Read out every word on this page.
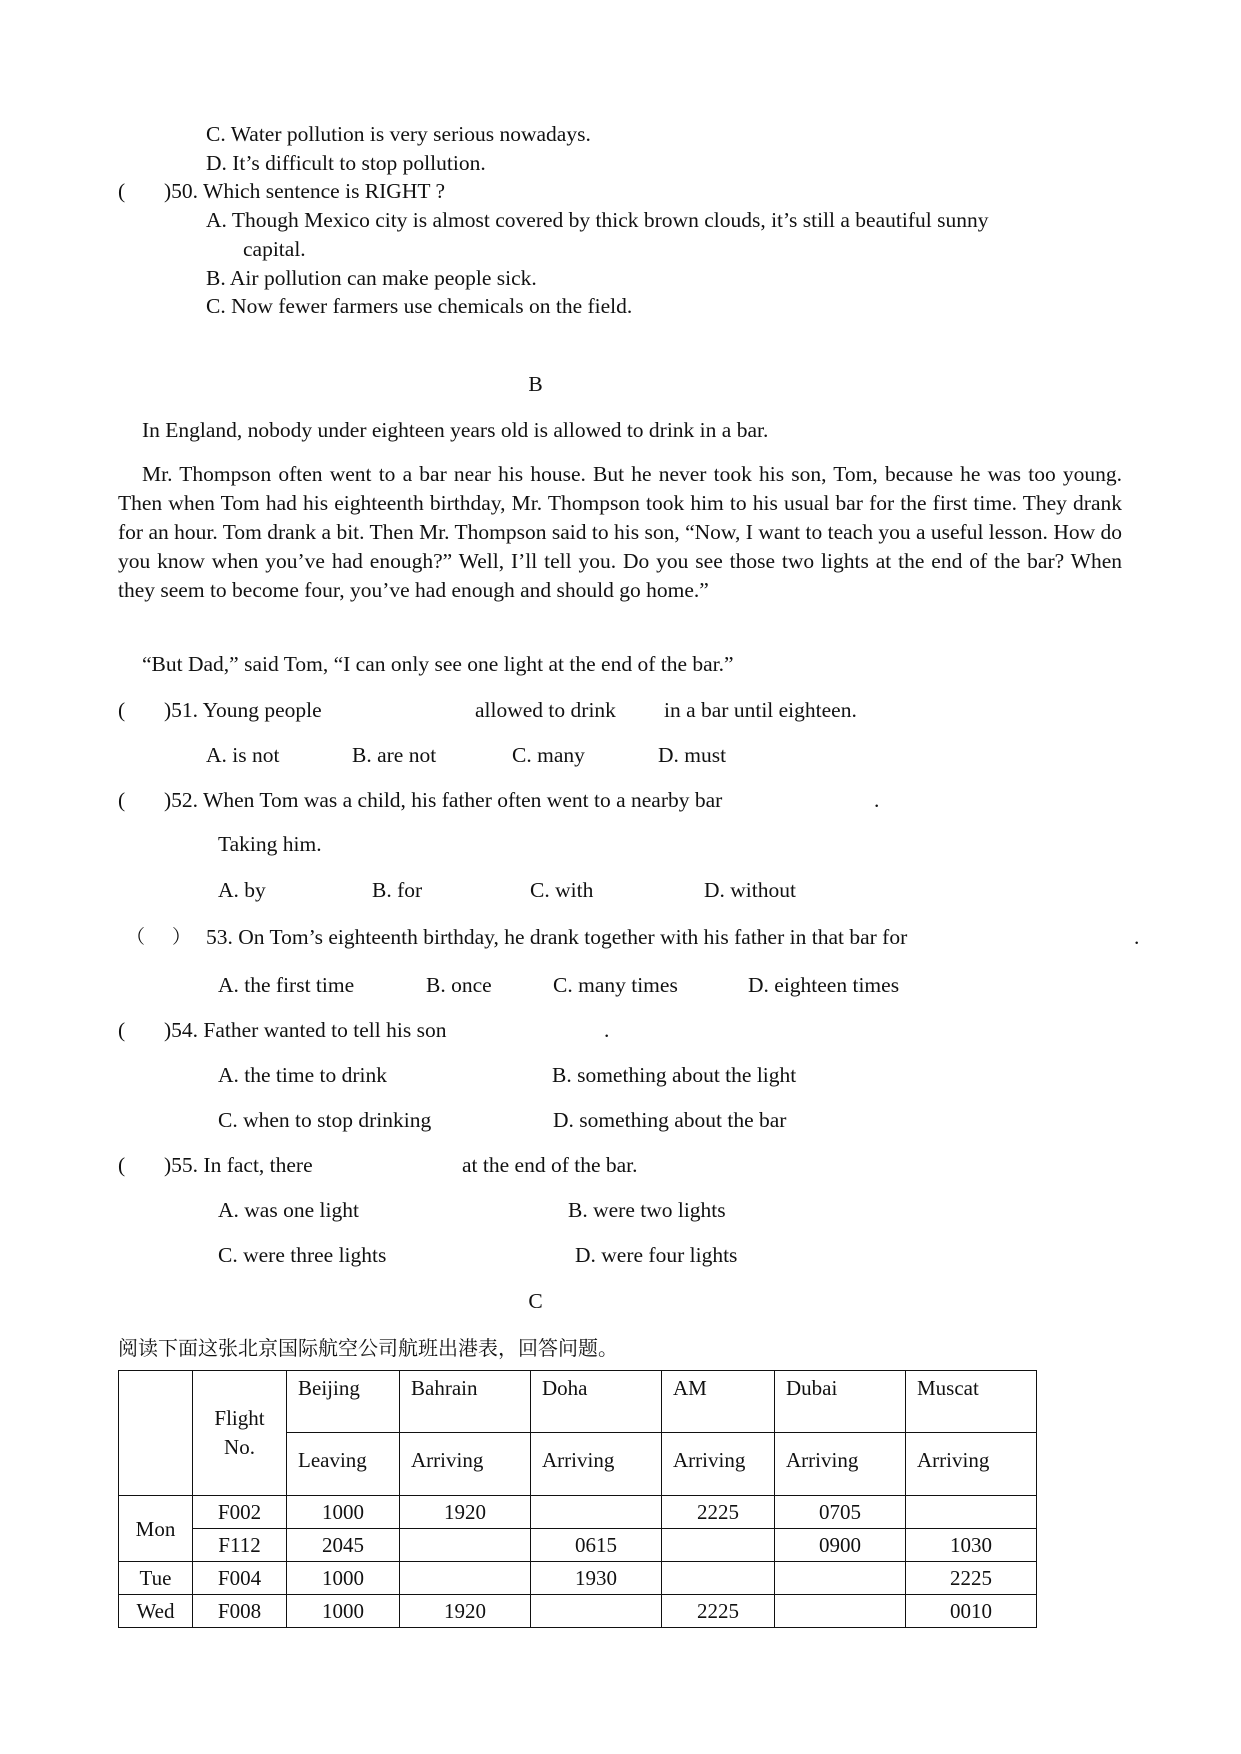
C. Water pollution is very serious nowadays.
D. It’s difficult to stop pollution.
( )50. Which sentence is RIGHT ?
A. Though Mexico city is almost covered by thick brown clouds, it’s still a beautiful sunny
capital.
B. Air pollution can make people sick.
C. Now fewer farmers use chemicals on the field.
B
In England, nobody under eighteen years old is allowed to drink in a bar.
Mr. Thompson often went to a bar near his house. But he never took his son, Tom, because he was too young. Then when Tom had his eighteenth birthday, Mr. Thompson took him to his usual bar for the first time. They drank for an hour. Tom drank a bit. Then Mr. Thompson said to his son, “Now, I want to teach you a useful lesson. How do you know when you’ve had enough?” Well, I’ll tell you. Do you see those two lights at the end of the bar? When they seem to become four, you’ve had enough and should go home.”
“But Dad,” said Tom, “I can only see one light at the end of the bar.”
( )51. Young people	allowed to drink in a bar until eighteen.
A. is not	B. are not	C. many	D. must
( )52. When Tom was a child, his father often went to a nearby bar	.
Taking him.
A. by	B. for	C. with	D. without
（ ） 53. On Tom’s eighteenth birthday, he drank together with his father in that bar for	.
A. the first time	B. once	C. many times	D. eighteen times
( )54. Father wanted to tell his son	.
A. the time to drink	B. something about the light
C. when to stop drinking	D. something about the bar
( )55. In fact, there	at the end of the bar.
A. was one light	B. were two lights
C. were three lights	D. were four lights
C
阅读下面这张北京国际航空公司航班出港表，回答问题。

	Flight No.	Beijing	Bahrain	Doha	AM	Dubai	Muscat
		Leaving	Arriving	Arriving	Arriving	Arriving	Arriving
Mon	F002	1000	1920		2225	0705	
	F112	2045		0615		0900	1030
Tue	F004	1000		1930			2225
Wed	F008	1000	1920		2225		0010
